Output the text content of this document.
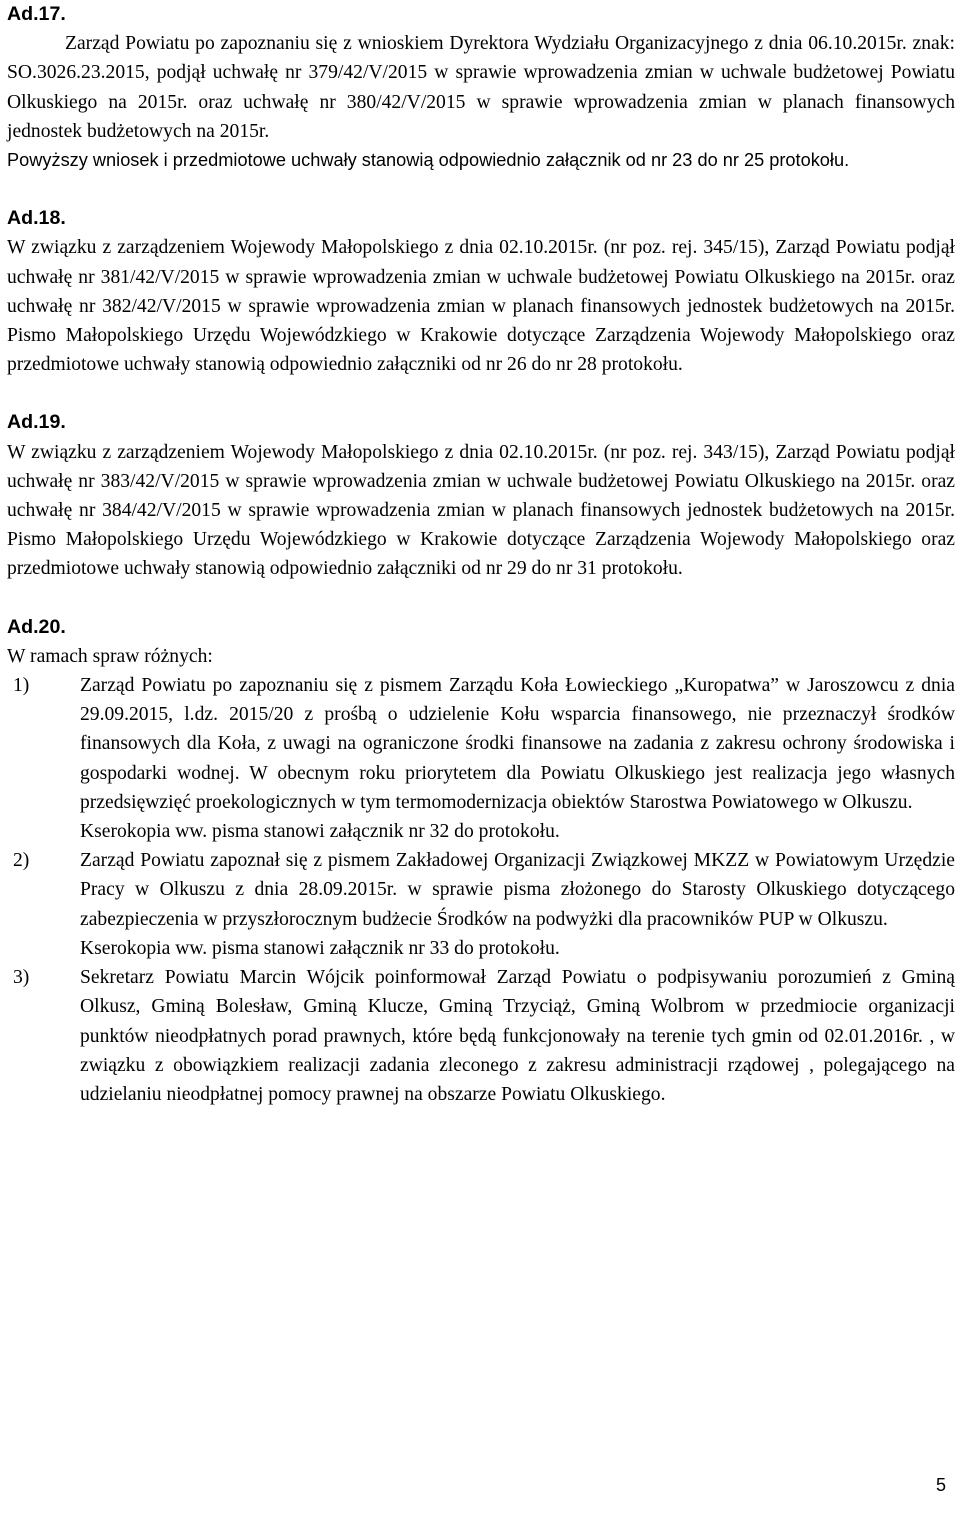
Ad.17.

Zarząd Powiatu po zapoznaniu się z wnioskiem Dyrektora Wydziału Organizacyjnego z dnia 06.10.2015r. znak: SO.3026.23.2015, podjął uchwałę nr 379/42/V/2015 w sprawie wprowadzenia zmian w uchwale budżetowej Powiatu Olkuskiego na 2015r. oraz uchwałę nr 380/42/V/2015 w sprawie wprowadzenia zmian w planach finansowych jednostek budżetowych na 2015r.

Powyższy wniosek i przedmiotowe uchwały stanowią odpowiednio załącznik od nr 23 do nr 25 protokołu.

Ad.18.

W związku z zarządzeniem Wojewody Małopolskiego z dnia 02.10.2015r. (nr poz. rej. 345/15), Zarząd Powiatu podjął uchwałę nr 381/42/V/2015 w sprawie wprowadzenia zmian w uchwale budżetowej Powiatu Olkuskiego na 2015r. oraz uchwałę nr 382/42/V/2015 w sprawie wprowadzenia zmian w planach finansowych jednostek budżetowych na 2015r. Pismo Małopolskiego Urzędu Wojewódzkiego w Krakowie dotyczące Zarządzenia Wojewody Małopolskiego oraz przedmiotowe uchwały stanowią odpowiednio załączniki od nr 26 do nr 28 protokołu.

Ad.19.

W związku z zarządzeniem Wojewody Małopolskiego z dnia 02.10.2015r. (nr poz. rej. 343/15), Zarząd Powiatu podjął uchwałę nr 383/42/V/2015 w sprawie wprowadzenia zmian w uchwale budżetowej Powiatu Olkuskiego na 2015r. oraz uchwałę nr 384/42/V/2015 w sprawie wprowadzenia zmian w planach finansowych jednostek budżetowych na 2015r. Pismo Małopolskiego Urzędu Wojewódzkiego w Krakowie dotyczące Zarządzenia Wojewody Małopolskiego oraz przedmiotowe uchwały stanowią odpowiednio załączniki od nr 29 do nr 31 protokołu.

Ad.20.

W ramach spraw różnych:

1)	Zarząd Powiatu po zapoznaniu się z pismem Zarządu Koła Łowieckiego „Kuropatwa” w Jaroszowcu z dnia 29.09.2015, l.dz. 2015/20 z prośbą o udzielenie Kołu wsparcia finansowego, nie przeznaczył środków finansowych dla Koła, z uwagi na ograniczone środki finansowe na zadania z zakresu ochrony środowiska i gospodarki wodnej. W obecnym roku priorytetem dla Powiatu Olkuskiego jest realizacja jego własnych przedsięwzięć proekologicznych w tym termomodernizacja obiektów Starostwa Powiatowego w Olkuszu.

Kserokopia ww. pisma stanowi załącznik nr 32 do protokołu.

2)	Zarząd Powiatu zapoznał się z pismem Zakładowej Organizacji Związkowej MKZZ w Powiatowym Urzędzie Pracy w Olkuszu z dnia 28.09.2015r. w sprawie pisma złożonego do Starosty Olkuskiego dotyczącego zabezpieczenia w przyszłorocznym budżecie Środków na podwyżki dla pracowników PUP w Olkuszu.

Kserokopia ww. pisma stanowi załącznik nr 33 do protokołu.

3)	Sekretarz Powiatu Marcin Wójcik poinformował Zarząd Powiatu o podpisywaniu porozumień z Gminą Olkusz, Gminą Bolesław, Gminą Klucze, Gminą Trzyciąż, Gminą Wolbrom w przedmiocie organizacji punktów nieodpłatnych porad prawnych, które będą funkcjonowały na terenie tych gmin od 02.01.2016r. , w związku z obowiązkiem realizacji zadania zleconego z zakresu administracji rządowej , polegającego na udzielaniu nieodpłatnej pomocy prawnej na obszarze Powiatu Olkuskiego.

5
